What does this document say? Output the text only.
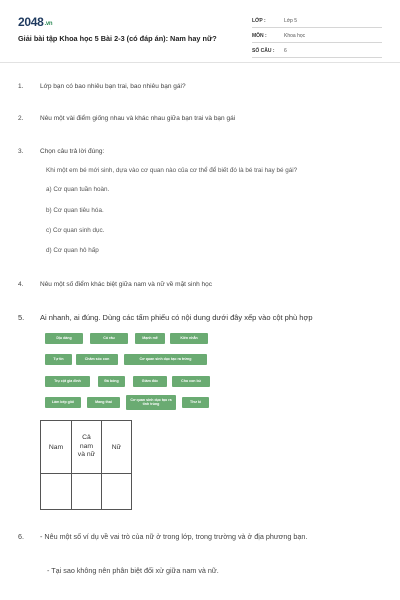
2048.vn
Giải bài tập Khoa học 5 Bài 2-3 (có đáp án): Nam hay nữ?
LỚP :	Lớp 5
MÔN :	Khoa học
SỐ CÂU :	6
1.	Lớp bạn có bao nhiêu bạn trai, bao nhiêu bạn gái?
2.	Nêu một vài điểm giống nhau và khác nhau giữa bạn trai và bạn gái
3.	Chọn câu trả lời đúng:
Khi một em bé mới sinh, dựa vào cơ quan nào của cơ thể để biết đó là bé trai hay bé gái?
a) Cơ quan tuần hoàn.
b) Cơ quan tiêu hóa.
c) Cơ quan sinh dục.
d) Cơ quan hô hấp
4.	Nêu một số điểm khác biệt giữa nam và nữ về mặt sinh học
5.	Ai nhanh, ai đúng. Dùng các tấm phiếu có nội dung dưới đây xếp vào cột phù hợp
Dịu dàng	Có râu	Mạnh mẽ	Kiên nhẫn
Tự tin	Chăm sóc con	Cơ quan sinh dục tạo ra trứng
Trụ cột gia đình	Đá bóng	Giám đốc	Cho con bú
Làm bếp giỏi	Mang thai	Cơ quan sinh dục tạo ra tinh trùng	Thư kí
Nam	Cả nam và nữ	Nữ

6.	- Nêu một số ví dụ về vai trò của nữ ở trong lớp, trong trường và ở địa phương bạn.
- Tại sao không nên phân biệt đối xử giữa nam và nữ.
